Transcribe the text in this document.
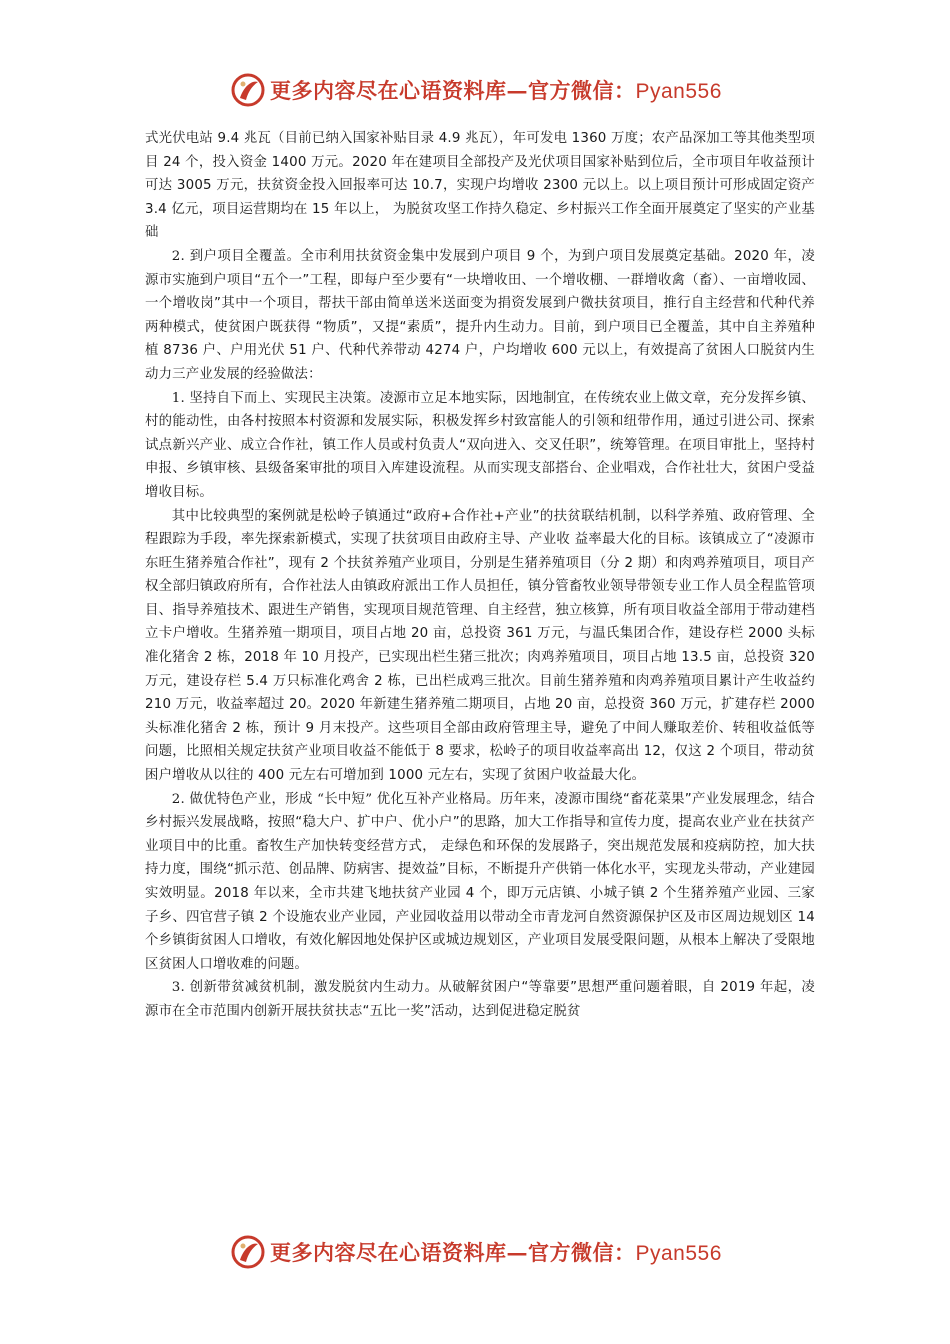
更多内容尽在心语资料库—官方微信：Pyan556

式光伏电站 9.4 兆瓦（目前已纳入国家补贴目录 4.9 兆瓦），年可发电 1360 万度；农产品深加工等其他类型项目 24 个，投入资金 1400 万元。2020 年在建项目全部投产及光伏项目国家补贴到位后，全市项目年收益预计可达 3005 万元，扶贫资金投入回报率可达 10.7，实现户均增收 2300 元以上。以上项目预计可形成固定资产 3.4 亿元，项目运营期均在 15 年以上， 为脱贫攻坚工作持久稳定、乡村振兴工作全面开展奠定了坚实的产业基础

2. 到户项目全覆盖。全市利用扶贫资金集中发展到户项目 9 个，为到户项目发展奠定基础。2020 年，凌源市实施到户项目“五个一”工程，即每户至少要有“一块增收田、一个增收棚、一群增收禽（畜）、一亩增收园、一个增收岗”其中一个项目，帮扶干部由简单送米送面变为捐资发展到户微扶贫项目，推行自主经营和代种代养两种模式，使贫困户既获得 “物质”，又提“素质”，提升内生动力。目前，到户项目已全覆盖，其中自主养殖种植 8736 户、户用光伏 51 户、代种代养带动 4274 户，户均增收 600 元以上，有效提高了贫困人口脱贫内生动力三产业发展的经验做法：

1. 坚持自下而上、实现民主决策。凌源市立足本地实际，因地制宜，在传统农业上做文章，充分发挥乡镇、村的能动性，由各村按照本村资源和发展实际，积极发挥乡村致富能人的引领和纽带作用，通过引进公司、探索试点新兴产业、成立合作社，镇工作人员或村负责人“双向进入、交叉任职”，统筹管理。在项目审批上，坚持村申报、乡镇审核、县级备案审批的项目入库建设流程。从而实现支部搭台、企业唱戏，合作社壮大，贫困户受益增收目标。

其中比较典型的案例就是松岭子镇通过“政府+合作社+产业”的扶贫联结机制，以科学养殖、政府管理、全程跟踪为手段，率先探索新模式，实现了扶贫项目由政府主导、产业收 益率最大化的目标。该镇成立了“凌源市东旺生猪养殖合作社”，现有 2 个扶贫养殖产业项目，分别是生猪养殖项目（分 2 期）和肉鸡养殖项目，项目产权全部归镇政府所有，合作社法人由镇政府派出工作人员担任，镇分管畜牧业领导带领专业工作人员全程监管项目、指导养殖技术、跟进生产销售，实现项目规范管理、自主经营，独立核算，所有项目收益全部用于带动建档立卡户增收。生猪养殖一期项目，项目占地 20 亩，总投资 361 万元，与温氏集团合作，建设存栏 2000 头标准化猪舍 2 栋，2018 年 10 月投产，已实现出栏生猪三批次；肉鸡养殖项目，项目占地 13.5 亩，总投资 320 万元，建设存栏 5.4 万只标准化鸡舍 2 栋，已出栏成鸡三批次。目前生猪养殖和肉鸡养殖项目累计产生收益约 210 万元，收益率超过 20。2020 年新建生猪养殖二期项目，占地 20 亩，总投资 360 万元，扩建存栏 2000 头标准化猪舍 2 栋，预计 9 月末投产。这些项目全部由政府管理主导，避免了中间人赚取差价、转租收益低等问题，比照相关规定扶贫产业项目收益不能低于 8 要求，松岭子的项目收益率高出 12，仅这 2 个项目，带动贫困户增收从以往的 400 元左右可增加到 1000 元左右，实现了贫困户收益最大化。

2. 做优特色产业，形成 “长中短” 优化互补产业格局。历年来，凌源市围绕“畜花菜果”产业发展理念，结合乡村振兴发展战略，按照“稳大户、扩中户、优小户”的思路，加大工作指导和宣传力度，提高农业产业在扶贫产业项目中的比重。畜牧生产加快转变经营方式， 走绿色和环保的发展路子，突出规范发展和疫病防控，加大扶持力度，围绕“抓示范、创品牌、防病害、提效益”目标，不断提升产供销一体化水平，实现龙头带动，产业建园实效明显。2018 年以来，全市共建飞地扶贫产业园 4 个，即万元店镇、小城子镇 2 个生猪养殖产业园、三家子乡、四官营子镇 2 个设施农业产业园，产业园收益用以带动全市青龙河自然资源保护区及市区周边规划区 14 个乡镇街贫困人口增收，有效化解因地处保护区或城边规划区，产业项目发展受限问题，从根本上解决了受限地区贫困人口增收难的问题。

3. 创新带贫减贫机制，激发脱贫内生动力。从破解贫困户“等靠要”思想严重问题着眼，自 2019 年起，凌源市在全市范围内创新开展扶贫扶志“五比一奖”活动，达到促进稳定脱贫

更多内容尽在心语资料库—官方微信：Pyan556
